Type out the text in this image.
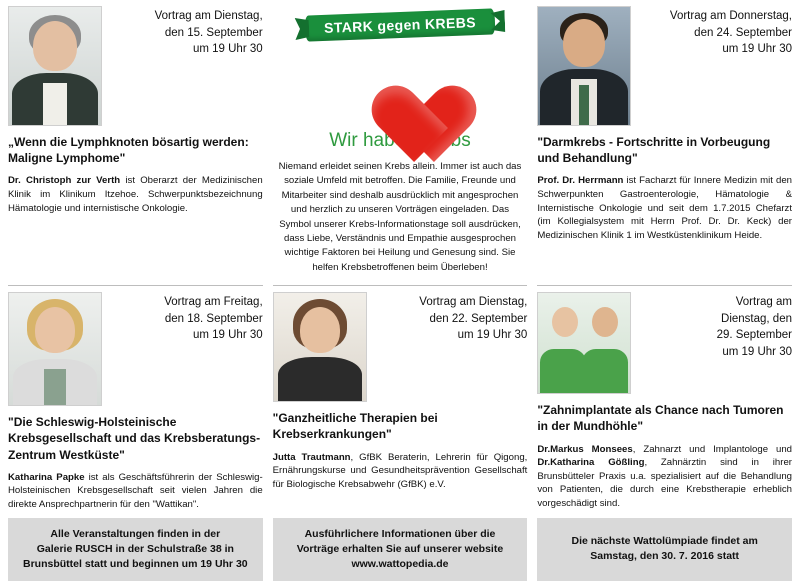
Vortrag am Dienstag,
den 15. September
um 19 Uhr 30
„Wenn die Lymphknoten bösartig werden: Maligne Lymphome"
Dr. Christoph zur Verth ist Oberarzt der Medizinischen Klinik im Klinikum Itzehoe. Schwerpunktsbezeichnung Hämatologie und internistische Onkologie.
STARK gegen KREBS
Wir haben Krebs
Niemand erleidet seinen Krebs allein. Immer ist auch das soziale Umfeld mit betroffen. Die Familie, Freunde und Mitarbeiter sind deshalb ausdrücklich mit angesprochen und herzlich zu unseren Vorträgen eingeladen. Das Symbol unserer Krebs-Informationstage soll ausdrücken, dass Liebe, Verständnis und Empathie ausgesprochen wichtige Faktoren bei Heilung und Genesung sind. Sie helfen Krebsbetroffenen beim Überleben!
Vortrag am Donnerstag,
den 24. September
um 19 Uhr 30
"Darmkrebs - Fortschritte in Vorbeugung und Behandlung"
Prof. Dr. Herrmann ist Facharzt für Innere Medizin mit den Schwerpunkten Gastroenterologie, Hämatologie & Internistische Onkologie und seit dem 1.7.2015 Chefarzt (im Kollegialsystem mit Herrn Prof. Dr. Dr. Keck) der Medizinischen Klinik 1 im Westküstenklinikum Heide.
Vortrag am Freitag,
den 18. September
um 19 Uhr 30
"Die Schleswig-Holsteinische Krebsgesellschaft und das Krebsberatungs-Zentrum Westküste"
Katharina Papke ist als Geschäftsführerin der Schleswig-Holsteinischen Krebsgesellschaft seit vielen Jahren die direkte Ansprechpartnerin für den "Wattikan".
Vortrag am Dienstag,
den 22. September
um 19 Uhr 30
"Ganzheitliche Therapien bei Krebserkrankungen"
Jutta Trautmann, GfBK Beraterin, Lehrerin für Qigong, Ernährungskurse und Gesundheitsprävention Gesellschaft für Biologische Krebsabwehr (GfBK) e.V.
Vortrag am
Dienstag, den
29. September
um 19 Uhr 30
"Zahnimplantate als Chance nach Tumoren in der Mundhöhle"
Dr.Markus Monsees, Zahnarzt und Implantologe und Dr.Katharina Gößling, Zahnärztin sind in ihrer Brunsbütteler Praxis u.a. spezialisiert auf die Behandlung von Patienten, die durch eine Krebstherapie erheblich vorgeschädigt sind.
Alle Veranstaltungen finden in der
Galerie RUSCH in der Schulstraße 38 in
Brunsbüttel statt und beginnen um 19 Uhr 30
Ausführlichere Informationen über die
Vorträge erhalten Sie auf unserer website
www.wattopedia.de
Die nächste Wattolümpiade findet am
Samstag, den 30. 7. 2016 statt
